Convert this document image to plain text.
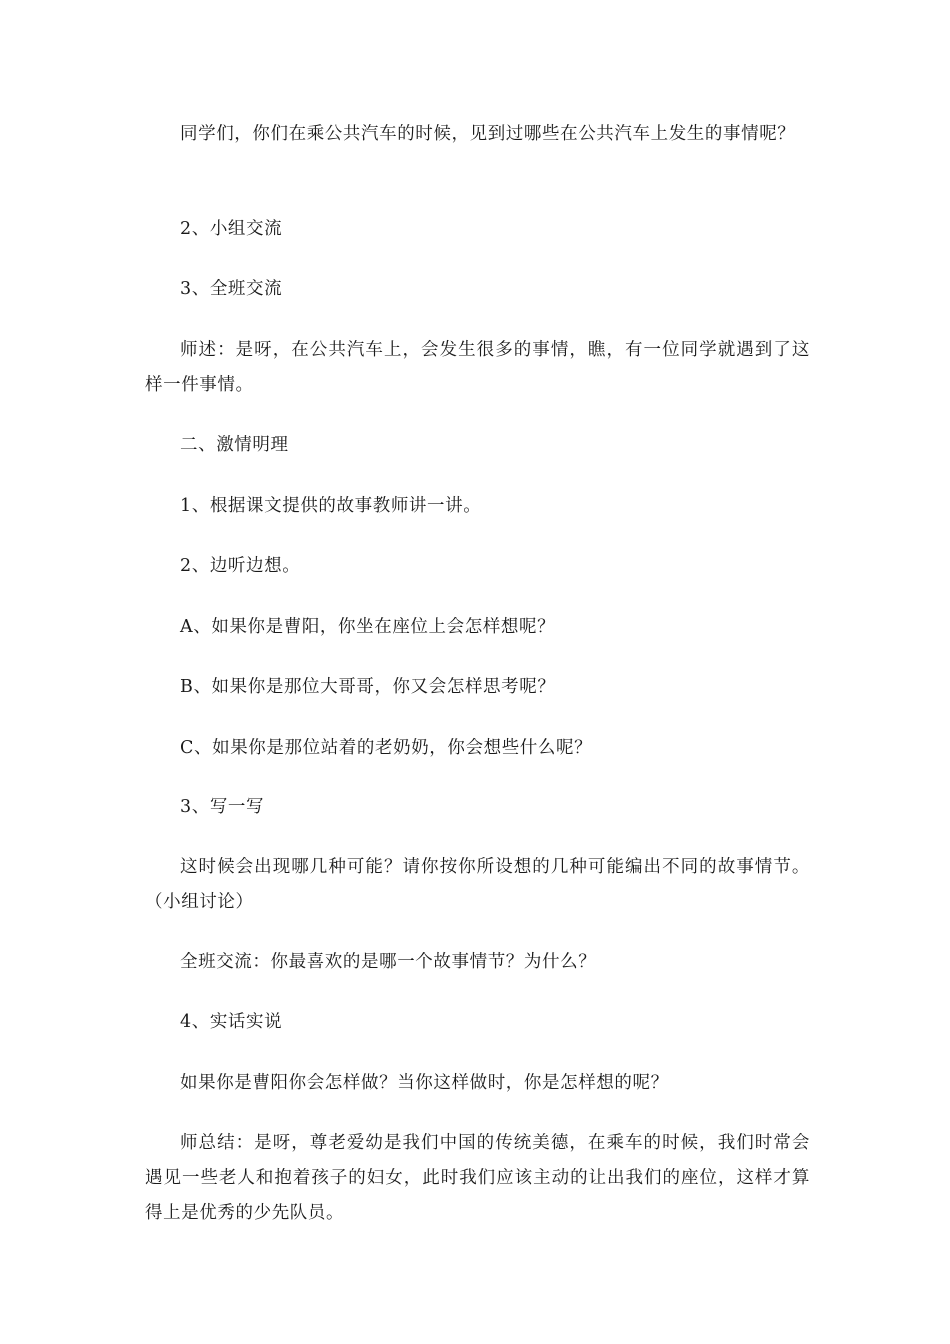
同学们，你们在乘公共汽车的时候，见到过哪些在公共汽车上发生的事情呢？

2、小组交流

3、全班交流

师述：是呀，在公共汽车上，会发生很多的事情，瞧，有一位同学就遇到了这样一件事情。

二、激情明理

1、根据课文提供的故事教师讲一讲。

2、边听边想。

A、如果你是曹阳，你坐在座位上会怎样想呢？

B、如果你是那位大哥哥，你又会怎样思考呢？

C、如果你是那位站着的老奶奶，你会想些什么呢？

3、写一写

这时候会出现哪几种可能？请你按你所设想的几种可能编出不同的故事情节。（小组讨论）

全班交流：你最喜欢的是哪一个故事情节？为什么？

4、实话实说

如果你是曹阳你会怎样做？当你这样做时，你是怎样想的呢？

师总结：是呀，尊老爱幼是我们中国的传统美德，在乘车的时候，我们时常会遇见一些老人和抱着孩子的妇女，此时我们应该主动的让出我们的座位，这样才算得上是优秀的少先队员。
